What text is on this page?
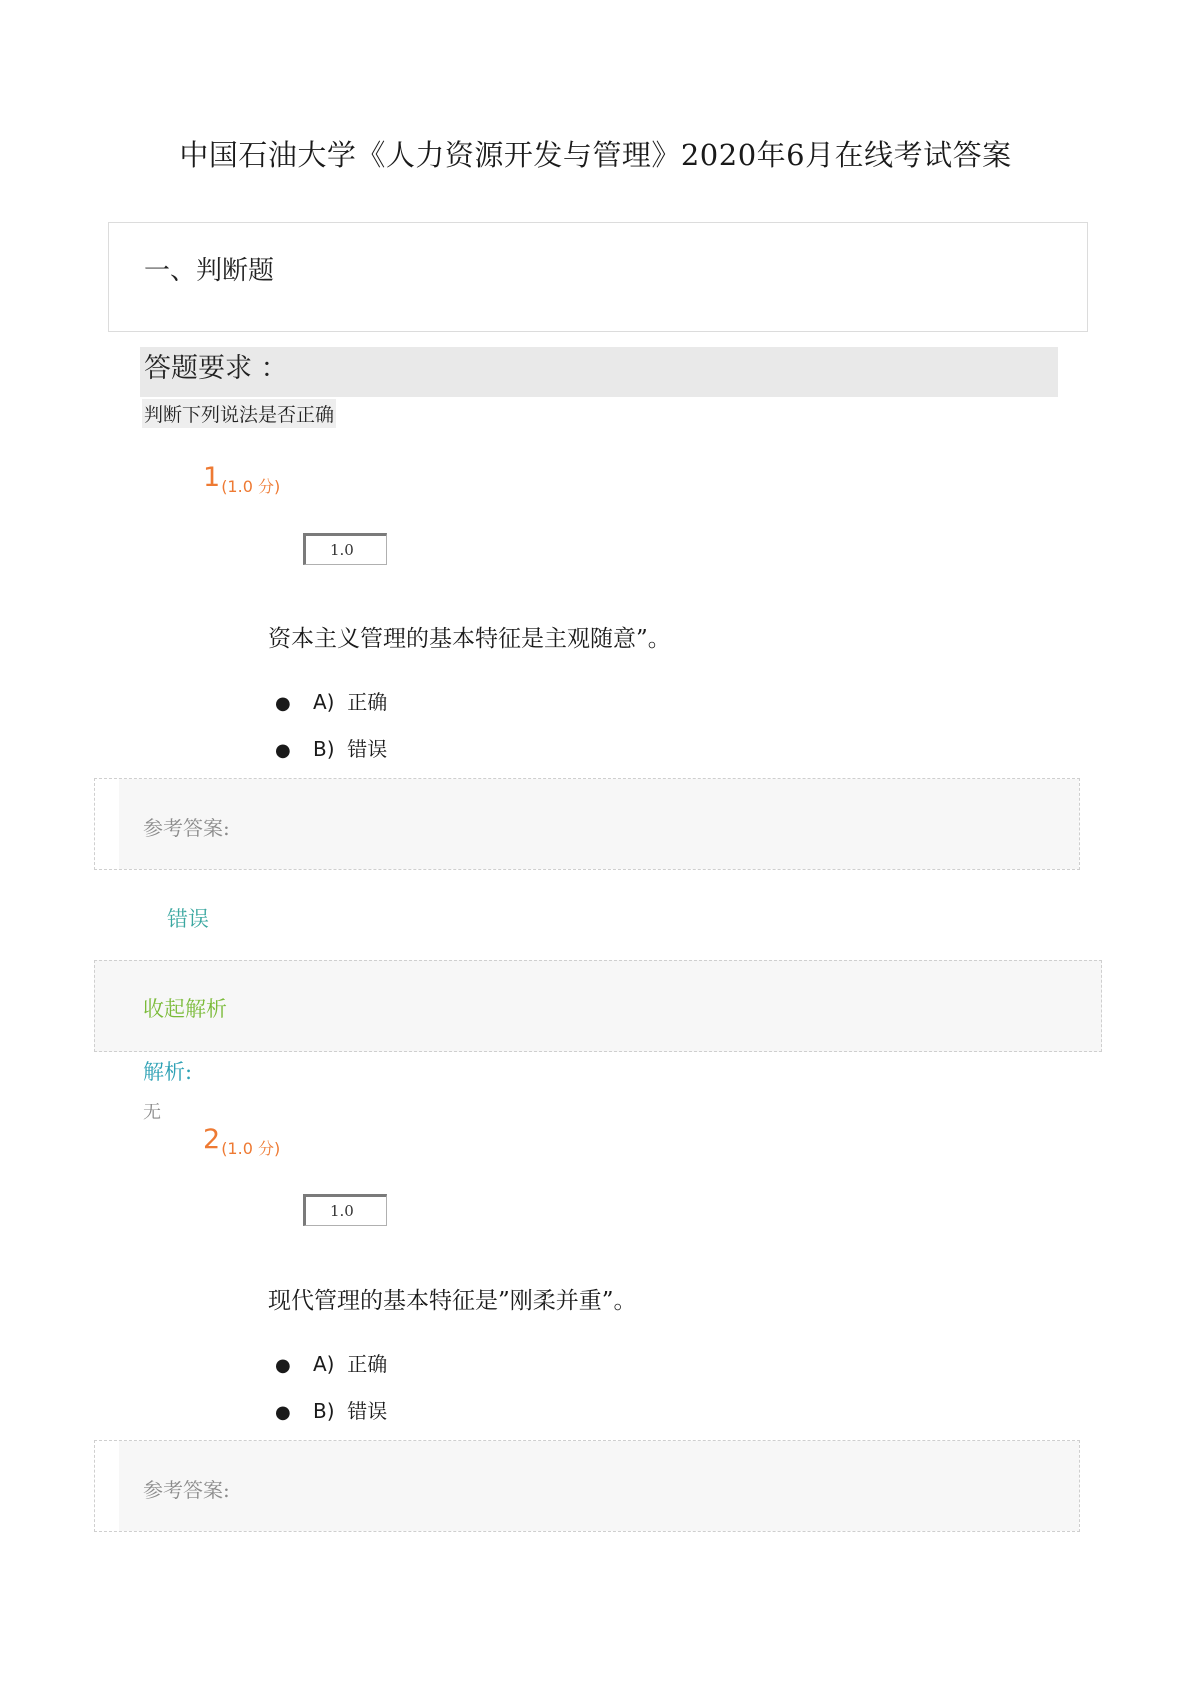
中国石油大学《人力资源开发与管理》2020年6月在线考试答案
一、判断题
答题要求 ：
判断下列说法是否正确
$1_{(1.0 分)}$
1.0
资本主义管理的基本特征是主观随意”。
● A) 正确
● B) 错误
参考答案:
错误
收起解析
解析:
无
$2_{(1.0 分)}$
1.0
现代管理的基本特征是”刚柔并重”。
● A) 正确
● B) 错误
参考答案:
